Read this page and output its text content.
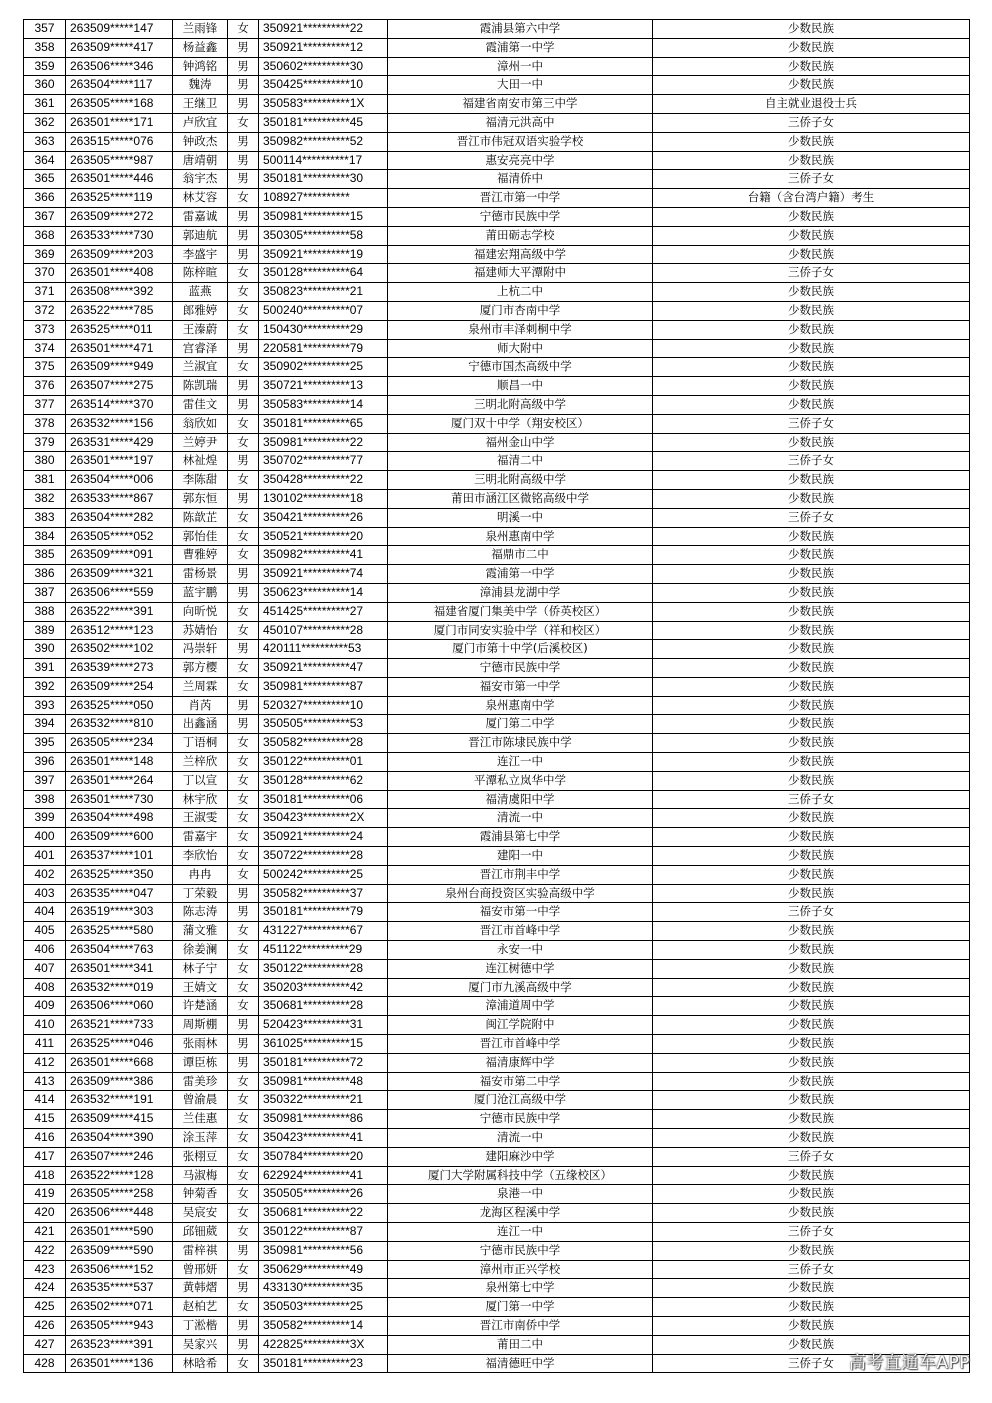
357	263509*****147	兰雨锋	女	350921**********22	霞浦县第六中学	少数民族
358	263509*****417	杨益鑫	男	350921**********12	霞浦第一中学	少数民族
359	263506*****346	钟鸿铭	男	350602**********30	漳州一中	少数民族
360	263504*****117	魏涛	男	350425**********10	大田一中	少数民族
361	263505*****168	王继卫	男	350583**********1X	福建省南安市第三中学	自主就业退役士兵
362	263501*****171	卢欣宜	女	350181**********45	福清元洪高中	三侨子女
363	263515*****076	钟政杰	男	350982**********52	晋江市伟冠双语实验学校	少数民族
364	263505*****987	唐靖朝	男	500114**********17	惠安亮亮中学	少数民族
365	263501*****446	翁宇杰	男	350181**********30	福清侨中	三侨子女
366	263525*****119	林艾容	女	108927**********	晋江市第一中学	台籍（含台湾户籍）考生
367	263509*****272	雷嘉诚	男	350981**********15	宁德市民族中学	少数民族
368	263533*****730	郭迪航	男	350305**********58	莆田砺志学校	少数民族
369	263509*****203	李盛宇	男	350921**********19	福建宏翔高级中学	少数民族
370	263501*****408	陈梓暄	女	350128**********64	福建师大平潭附中	三侨子女
371	263508*****392	蓝燕	女	350823**********21	上杭二中	少数民族
372	263522*****785	郎雅婷	女	500240**********07	厦门市杏南中学	少数民族
373	263525*****011	王溱蔚	女	150430**********29	泉州市丰泽刺桐中学	少数民族
374	263501*****471	宫睿泽	男	220581**********79	师大附中	少数民族
375	263509*****949	兰淑宜	女	350902**********25	宁德市国杰高级中学	少数民族
376	263507*****275	陈凯瑞	男	350721**********13	顺昌一中	少数民族
377	263514*****370	雷佳文	男	350583**********14	三明北附高级中学	少数民族
378	263532*****156	翁欣如	女	350181**********65	厦门双十中学（翔安校区）	三侨子女
379	263531*****429	兰婷尹	女	350981**********22	福州金山中学	少数民族
380	263501*****197	林祉煌	男	350702**********77	福清二中	三侨子女
381	263504*****006	李陈甜	女	350428**********22	三明北附高级中学	少数民族
382	263533*****867	郭东恒	男	130102**********18	莆田市涵江区微铭高级中学	少数民族
383	263504*****282	陈歆芷	女	350421**********26	明溪一中	三侨子女
384	263505*****052	郭怡佳	女	350521**********20	泉州惠南中学	少数民族
385	263509*****091	曹雅婷	女	350982**********41	福鼎市二中	少数民族
386	263509*****321	雷杨景	男	350921**********74	霞浦第一中学	少数民族
387	263506*****559	蓝宇鹏	男	350623**********14	漳浦县龙湖中学	少数民族
388	263522*****391	向昕悦	女	451425**********27	福建省厦门集美中学（侨英校区）	少数民族
389	263512*****123	苏婧怡	女	450107**********28	厦门市同安实验中学（祥和校区）	少数民族
390	263502*****102	冯崇轩	男	420111**********53	厦门市第十中学(后溪校区)	少数民族
391	263539*****273	郭方樱	女	350921**********47	宁德市民族中学	少数民族
392	263509*****254	兰周霖	女	350981**********87	福安市第一中学	少数民族
393	263525*****050	肖芮	男	520327**********10	泉州惠南中学	少数民族
394	263532*****810	出鑫涵	男	350505**********53	厦门第二中学	少数民族
395	263505*****234	丁语桐	女	350582**********28	晋江市陈埭民族中学	少数民族
396	263501*****148	兰梓欣	女	350122**********01	连江一中	少数民族
397	263501*****264	丁以宣	女	350128**********62	平潭私立岚华中学	少数民族
398	263501*****730	林宇欣	女	350181**********06	福清虞阳中学	三侨子女
399	263504*****498	王淑雯	女	350423**********2X	清流一中	少数民族
400	263509*****600	雷嘉宇	女	350921**********24	霞浦县第七中学	少数民族
401	263537*****101	李欣怡	女	350722**********28	建阳一中	少数民族
402	263525*****350	冉冉	女	500242**********25	晋江市荆丰中学	少数民族
403	263535*****047	丁荣毅	男	350582**********37	泉州台商投资区实验高级中学	少数民族
404	263519*****303	陈志涛	男	350181**********79	福安市第一中学	三侨子女
405	263525*****580	蒲文雅	女	431227**********67	晋江市首峰中学	少数民族
406	263504*****763	徐姜澜	女	451122**********29	永安一中	少数民族
407	263501*****341	林子宁	女	350122**********28	连江树德中学	少数民族
408	263532*****019	王婧文	女	350203**********42	厦门市九溪高级中学	少数民族
409	263506*****060	许楚涵	女	350681**********28	漳浦道周中学	少数民族
410	263521*****733	周斯棚	男	520423**********31	闽江学院附中	少数民族
411	263525*****046	张雨林	男	361025**********15	晋江市首峰中学	少数民族
412	263501*****668	谭臣栋	男	350181**********72	福清康辉中学	少数民族
413	263509*****386	雷美珍	女	350981**********48	福安市第二中学	少数民族
414	263532*****191	曾渝晨	女	350322**********21	厦门沧江高级中学	少数民族
415	263509*****415	兰佳惠	女	350981**********86	宁德市民族中学	少数民族
416	263504*****390	涂玉萍	女	350423**********41	清流一中	少数民族
417	263507*****246	张栩豆	女	350784**********20	建阳麻沙中学	三侨子女
418	263522*****128	马淑梅	女	622924**********41	厦门大学附属科技中学（五缘校区）	少数民族
419	263505*****258	钟菊香	女	350505**********26	泉港一中	少数民族
420	263506*****448	吴宸安	女	350681**********22	龙海区程溪中学	少数民族
421	263501*****590	邱钿葳	女	350122**********87	连江一中	三侨子女
422	263509*****590	雷梓祺	男	350981**********56	宁德市民族中学	少数民族
423	263506*****152	曾邢妍	女	350629**********49	漳州市正兴学校	三侨子女
424	263535*****537	黄韩熠	男	433130**********35	泉州第七中学	少数民族
425	263502*****071	赵柏艺	女	350503**********25	厦门第一中学	少数民族
426	263505*****943	丁淞楷	男	350582**********14	晋江市南侨中学	少数民族
427	263523*****391	吴家兴	男	422825**********3X	莆田二中	少数民族
428	263501*****136	林晗希	女	350181**********23	福清德旺中学	三侨子女 高考直通车APP
